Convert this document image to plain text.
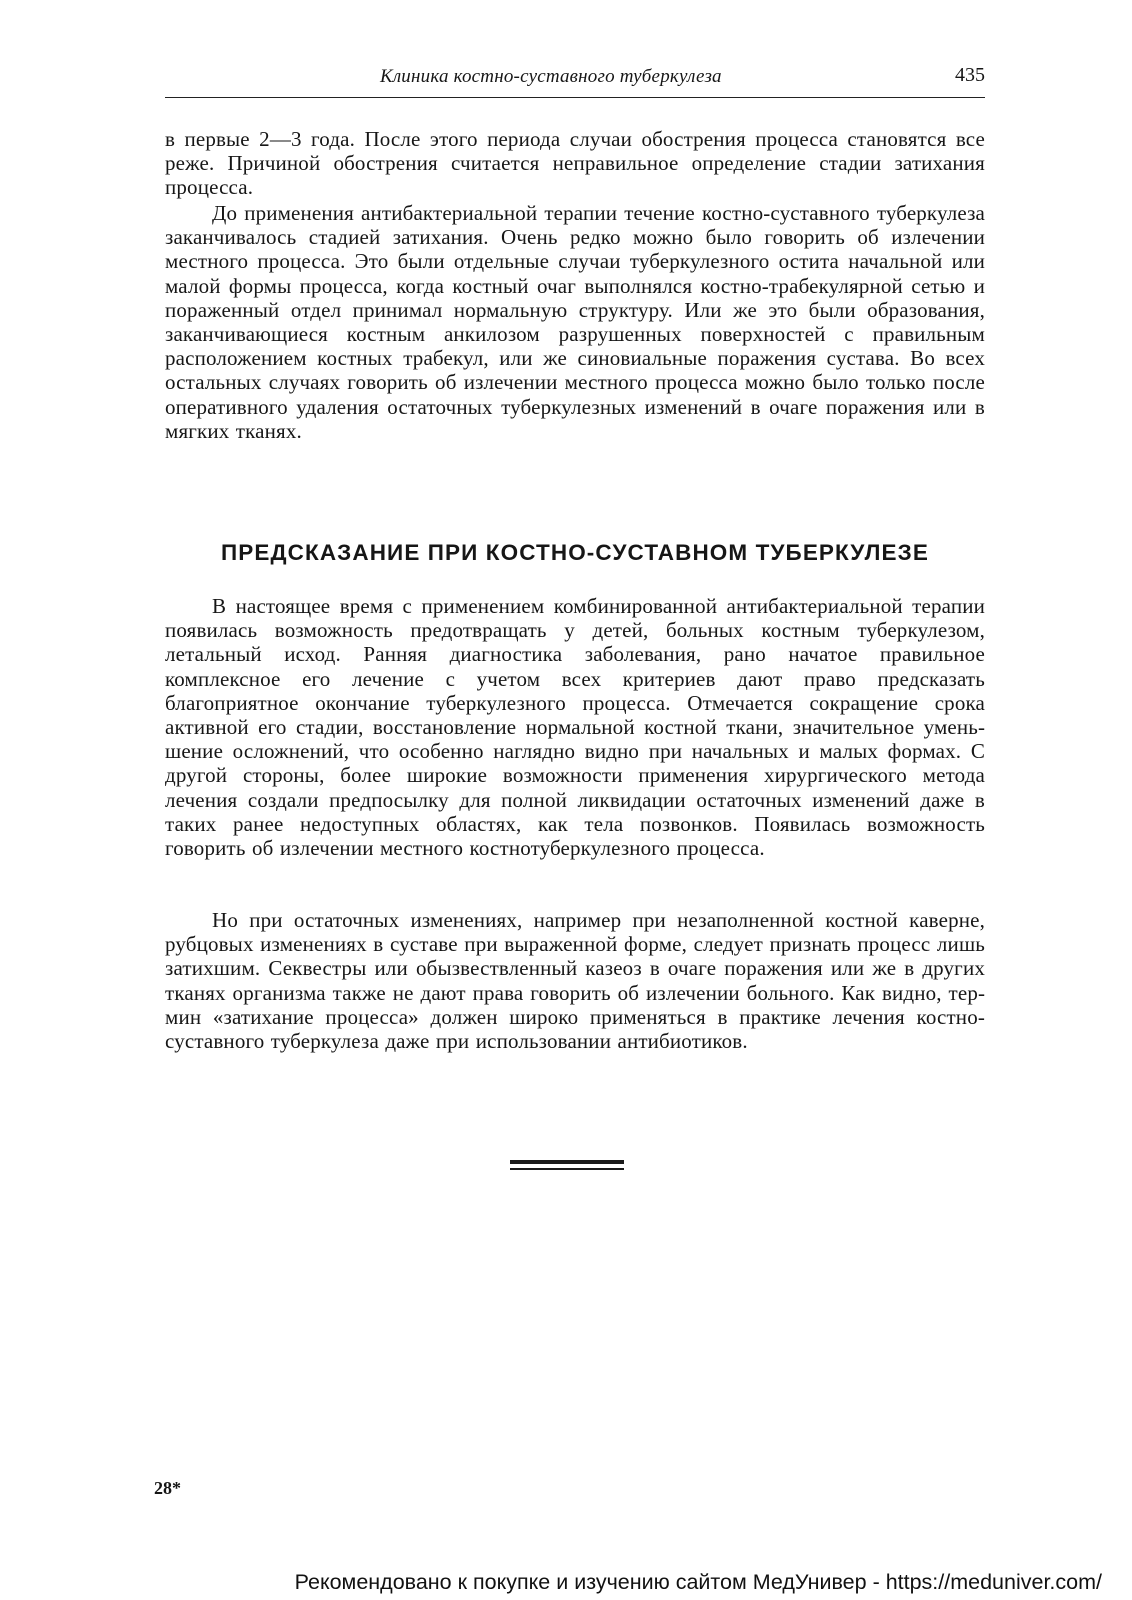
Клиника костно-суставного туберкулеза	435

в первые 2—3 года. После этого периода случаи обострения процесса становятся все реже. Причиной обострения считается неправильное определение стадии затихания процесса.

До применения антибактериальной терапии течение костно-суставного туберкулеза заканчивалось стадией затихания. Очень редко можно было говорить об излечении местного процесса. Это были отдельные случаи туберкулезного остита начальной или малой формы процесса, когда костный очаг выполнялся костно-трабекулярной сетью и пораженный отдел принимал нормальную структуру. Или же это были образования, заканчивающиеся костным анкилозом разрушенных поверхностей с правильным расположением костных трабекул, или же синовиальные поражения сустава. Во всех остальных случаях говорить об излечении местного процесса можно было только после оперативного удаления остаточных туберкулезных изменений в очаге поражения или в мягких тканях.

ПРЕДСКАЗАНИЕ ПРИ КОСТНО-СУСТАВНОМ ТУБЕРКУЛЕЗЕ

В настоящее время с применением комбинированной антибактериальной терапии появилась возможность предотвращать у детей, больных костным туберкулезом, летальный исход. Ранняя диагностика заболевания, рано начатое правильное комплексное его лечение с учетом всех критериев дают право предсказать благоприятное окончание туберкулезного процесса. Отмечается сокращение срока активной его стадии, восстановление нормальной костной ткани, значительное уменьшение осложнений, что особенно наглядно видно при начальных и малых формах. С другой стороны, более широкие возможности применения хирургического метода лечения создали предпосылку для полной ликвидации остаточных изменений даже в таких ранее недоступных областях, как тела позвонков. Появилась возможность говорить об излечении местного костнотуберкулезного процесса.

Но при остаточных изменениях, например при незаполненной костной каверне, рубцовых изменениях в суставе при выраженной форме, следует признать процесс лишь затихшим. Секвестры или обызвествленный казеоз в очаге поражения или же в других тканях организма также не дают права говорить об излечении больного. Как видно, термин «затихание процесса» должен широко применяться в практике лечения костно-суставного туберкулеза даже при использовании антибиотиков.

28*
Рекомендовано к покупке и изучению сайтом МедУнивер - https://meduniver.com/
